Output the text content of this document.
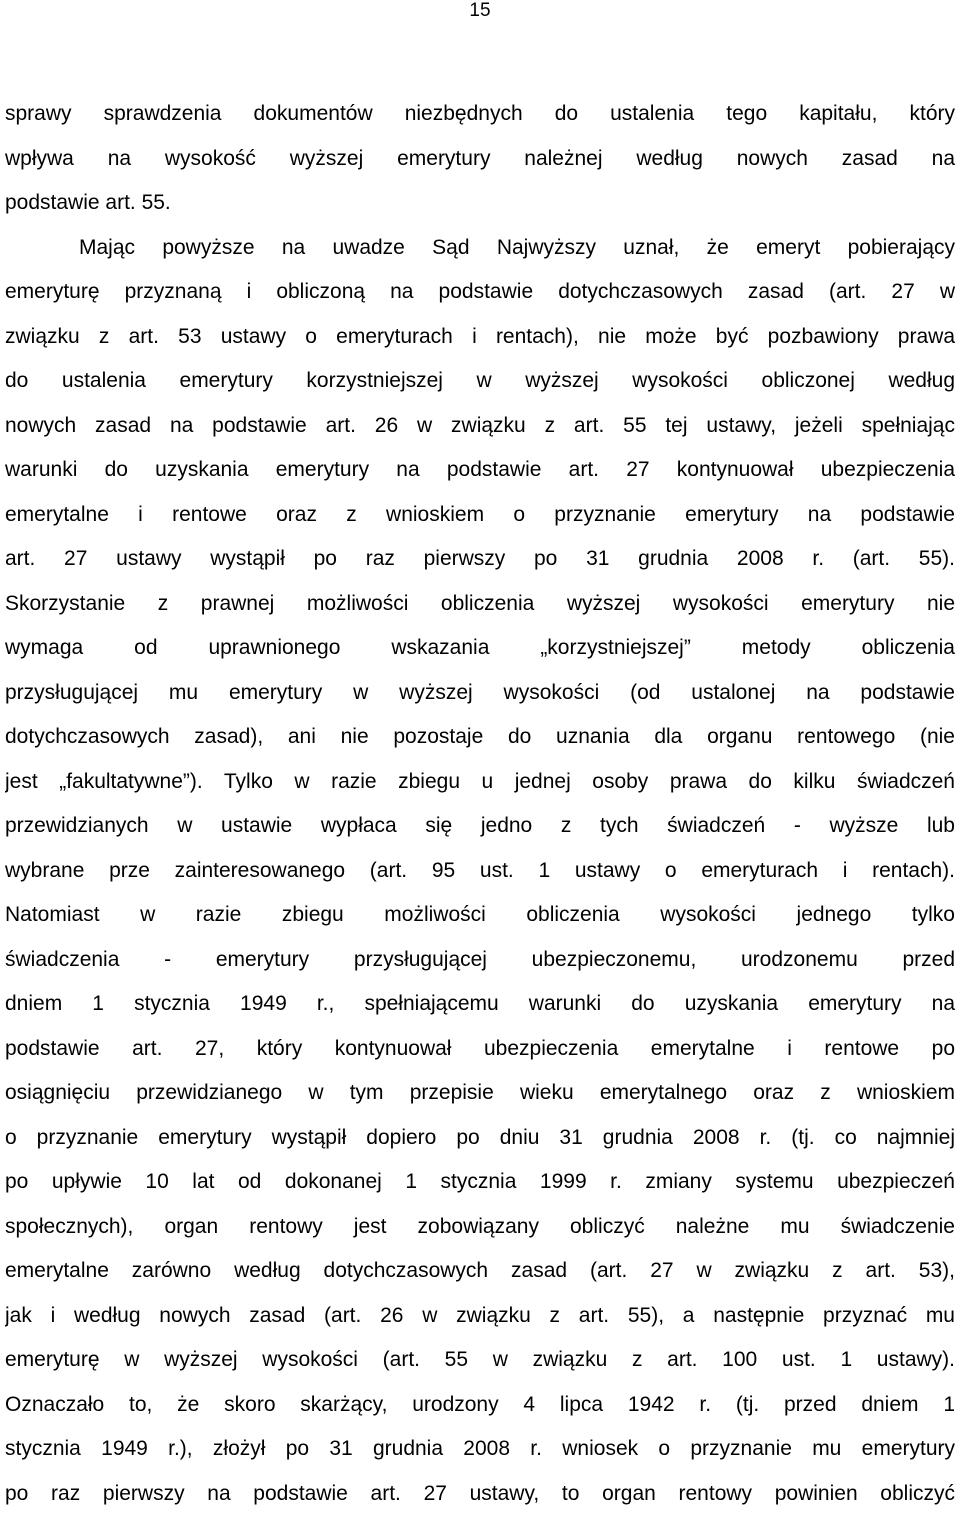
15
sprawy sprawdzenia dokumentów niezbędnych do ustalenia tego kapitału, który
wpływa na wysokość wyższej emerytury należnej według nowych zasad na
podstawie art. 55.
Mając powyższe na uwadze Sąd Najwyższy uznał, że emeryt pobierający
emeryturę przyznaną i obliczoną na podstawie dotychczasowych zasad (art. 27 w
związku z art. 53 ustawy o emeryturach i rentach), nie może być pozbawiony prawa
do ustalenia emerytury korzystniejszej w wyższej wysokości obliczonej według
nowych zasad na podstawie art. 26 w związku z art. 55 tej ustawy, jeżeli spełniając
warunki do uzyskania emerytury na podstawie art. 27 kontynuował ubezpieczenia
emerytalne i rentowe oraz z wnioskiem o przyznanie emerytury na podstawie
art. 27 ustawy wystąpił po raz pierwszy po 31 grudnia 2008 r. (art. 55).
Skorzystanie z prawnej możliwości obliczenia wyższej wysokości emerytury nie
wymaga od uprawnionego wskazania „korzystniejszej” metody obliczenia
przysługującej mu emerytury w wyższej wysokości (od ustalonej na podstawie
dotychczasowych zasad), ani nie pozostaje do uznania dla organu rentowego (nie
jest „fakultatywne”). Tylko w razie zbiegu u jednej osoby prawa do kilku świadczeń
przewidzianych w ustawie wypłaca się jedno z tych świadczeń - wyższe lub
wybrane prze zainteresowanego (art. 95 ust. 1 ustawy o emeryturach i rentach).
Natomiast w razie zbiegu możliwości obliczenia wysokości jednego tylko
świadczenia - emerytury przysługującej ubezpieczonemu, urodzonemu przed
dniem 1 stycznia 1949 r., spełniającemu warunki do uzyskania emerytury na
podstawie art. 27, który kontynuował ubezpieczenia emerytalne i rentowe po
osiągnięciu przewidzianego w tym przepisie wieku emerytalnego oraz z wnioskiem
o przyznanie emerytury wystąpił dopiero po dniu 31 grudnia 2008 r. (tj. co najmniej
po upływie 10 lat od dokonanej 1 stycznia 1999 r. zmiany systemu ubezpieczeń
społecznych), organ rentowy jest zobowiązany obliczyć należne mu świadczenie
emerytalne zarówno według dotychczasowych zasad (art. 27 w związku z art. 53),
jak i według nowych zasad (art. 26 w związku z art. 55), a następnie przyznać mu
emeryturę w wyższej wysokości (art. 55 w związku z art. 100 ust. 1 ustawy).
Oznaczało to, że skoro skarżący, urodzony 4 lipca 1942 r. (tj. przed dniem 1
stycznia 1949 r.), złożył po 31 grudnia 2008 r. wniosek o przyznanie mu emerytury
po raz pierwszy na podstawie art. 27 ustawy, to organ rentowy powinien obliczyć
